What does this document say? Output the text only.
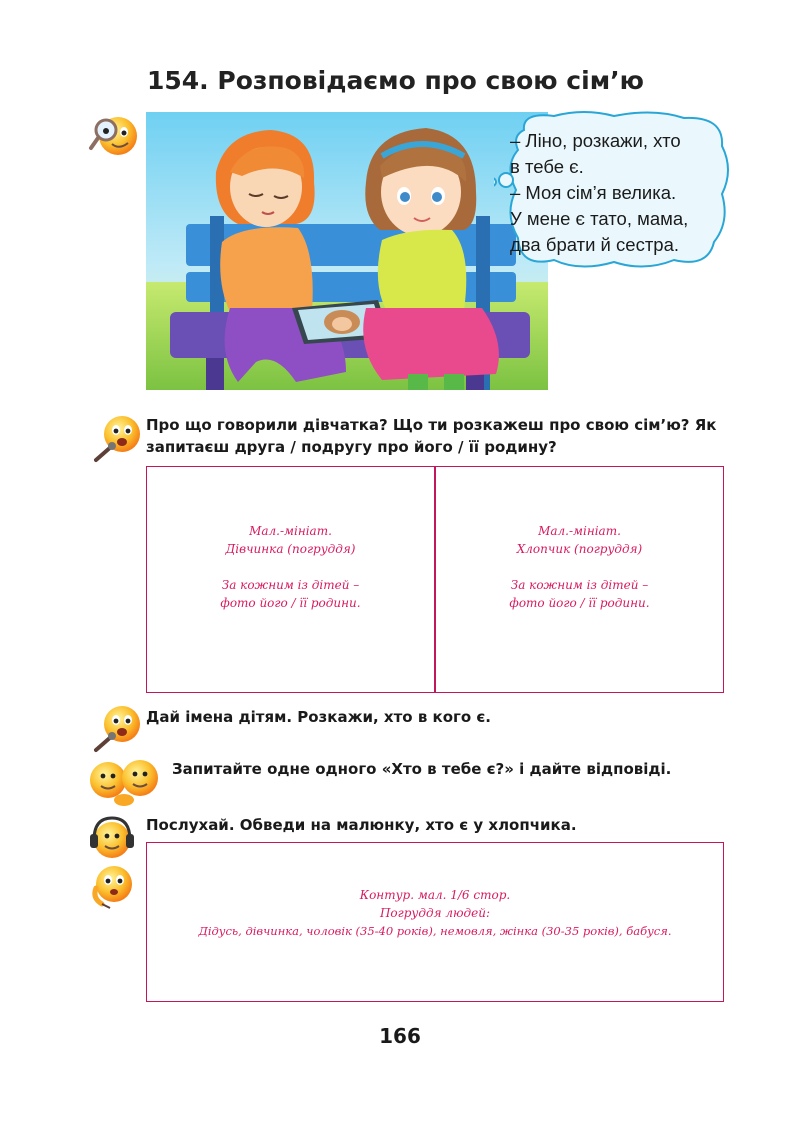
154. Розповідаємо про свою сім’ю
– Ліно, розкажи, хто
в тебе є.
– Моя сім’я велика.
У мене є тато, мама,
два брати й сестра.
Про що говорили дівчатка? Що ти розкажеш про свою сім’ю? Як
запитаєш друга / подругу про його / її родину?
Мал.-мініат.
Дівчинка (погруддя)
За кожним із дітей –
фото його / її родини.
Мал.-мініат.
Хлопчик (погруддя)
За кожним із дітей –
фото його / її родини.
Дай імена дітям. Розкажи, хто в кого є.
Запитайте одне одного «Хто в тебе є?» і дайте відповіді.
Послухай. Обведи на малюнку, хто є у хлопчика.
Контур. мал. 1/6 стор.
Погруддя людей:
Дідусь, дівчинка, чоловік (35-40 років), немовля, жінка (30-35 років), бабуся.
166
